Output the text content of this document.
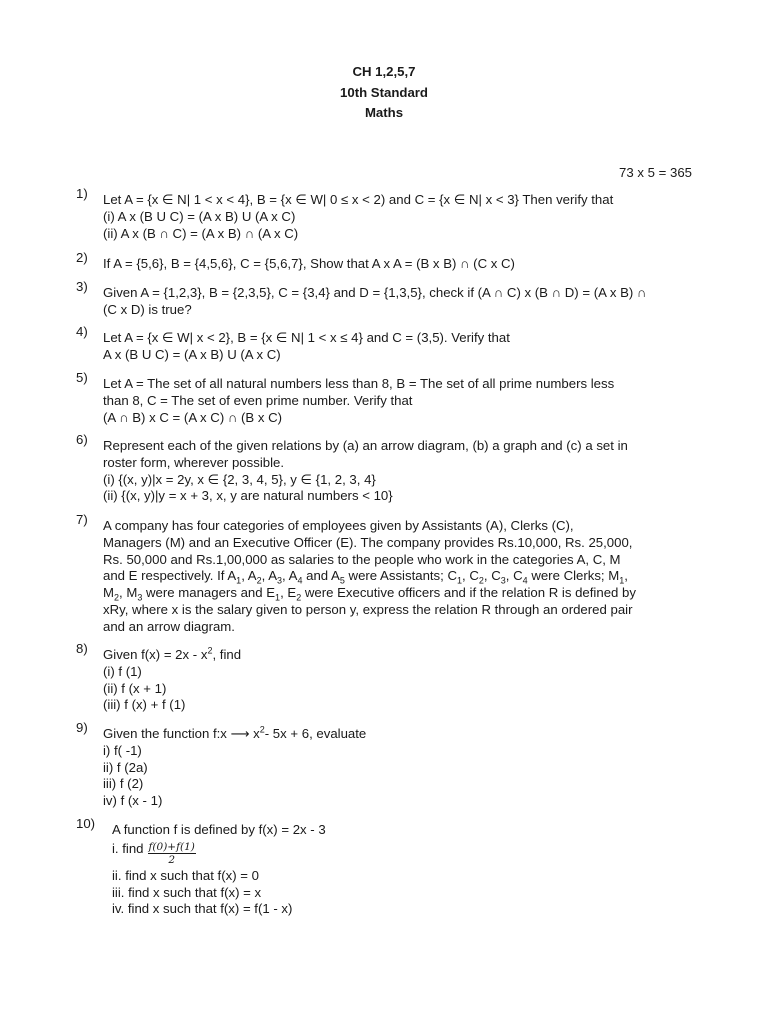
CH 1,2,5,7
10th Standard
Maths
73 x 5 = 365
1) Let A = {x ∈ N| 1 < x < 4}, B = {x ∈ W| 0 ≤ x < 2) and C = {x ∈ N| x < 3} Then verify that
(i) A x (B U C) = (A x B) U (A x C)
(ii) A x (B ∩ C) = (A x B) ∩ (A x C)
2) If A = {5,6}, B = {4,5,6}, C = {5,6,7}, Show that A x A = (B x B) ∩ (C x C)
3) Given A = {1,2,3}, B = {2,3,5}, C = {3,4} and D = {1,3,5}, check if (A ∩ C) x (B ∩ D) = (A x B) ∩
(C x D) is true?
4) Let A = {x ∈ W| x < 2}, B = {x ∈ N| 1 < x ≤ 4} and C = (3,5). Verify that
A x (B U C) = (A x B) U (A x C)
5) Let A = The set of all natural numbers less than 8, B = The set of all prime numbers less
than 8, C = The set of even prime number. Verify that
(A ∩ B) x C = (A x C) ∩ (B x C)
6) Represent each of the given relations by (a) an arrow diagram, (b) a graph and (c) a set in
roster form, wherever possible.
(i) {(x, y)|x = 2y, x ∈ {2, 3, 4, 5}, y ∈ {1, 2, 3, 4}
(ii) {(x, y)|y = x + 3, x, y are natural numbers < 10}
7) A company has four categories of employees given by Assistants (A), Clerks (C),
Managers (M) and an Executive Officer (E). The company provides Rs.10,000, Rs. 25,000,
Rs. 50,000 and Rs.1,00,000 as salaries to the people who work in the categories A, C, M
and E respectively. If $A_1$, $A_2$, $A_3$, $A_4$ and $A_5$ were Assistants; $C_1$, $C_2$, $C_3$, $C_4$ were Clerks; $M_1$,
$M_2$, $M_3$ were managers and $E_1$, $E_2$ were Executive officers and if the relation R is defined by
xRy, where x is the salary given to person y, express the relation R through an ordered pair
and an arrow diagram.
8) Given $f(x) = 2x - x^2$, find
(i) f (1)
(ii) f (x + 1)
(iii) f (x) + f (1)
9) Given the function f:x ⟶ $x^2-$ 5x + 6, evaluate
i) f( -1)
ii) f (2a)
iii) f (2)
iv) f (x - 1)
10) A function f is defined by f(x) = 2x - 3
i. find $\frac{f(0)+f(1)}{2}$
ii. find x such that f(x) = 0
iii. find x such that f(x) = x
iv. find x such that f(x) = f(1 - x)
